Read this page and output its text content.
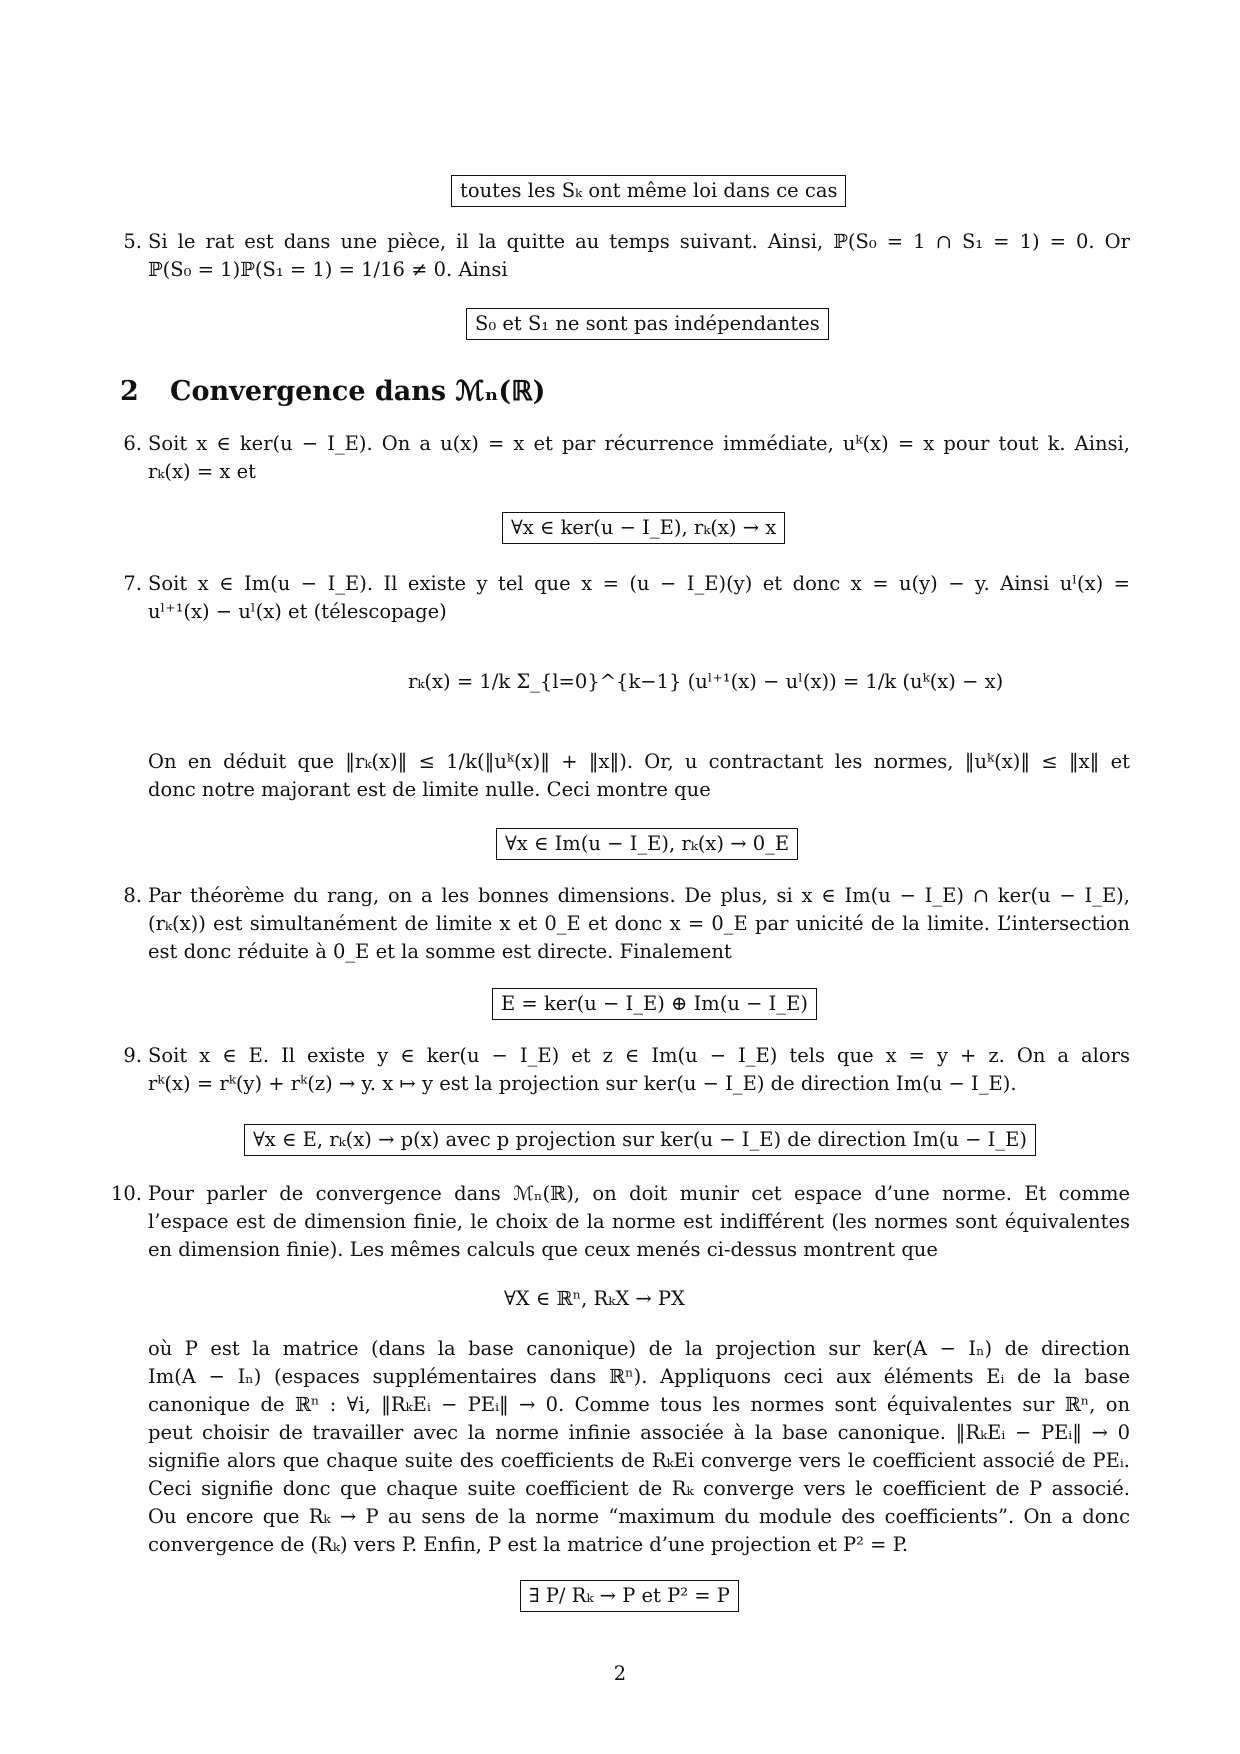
toutes les Sₖ ont même loi dans ce cas
5. Si le rat est dans une pièce, il la quitte au temps suivant. Ainsi, ℙ(S₀ = 1 ∩ S₁ = 1) = 0. Or
ℙ(S₀ = 1)ℙ(S₁ = 1) = 1/16 ≠ 0. Ainsi
S₀ et S₁ ne sont pas indépendantes
2 Convergence dans ℳₙ(ℝ)
6. Soit x ∈ ker(u − I_E). On a u(x) = x et par récurrence immédiate, uᵏ(x) = x pour tout k. Ainsi,
rₖ(x) = x et
∀x ∈ ker(u − I_E), rₖ(x) → x
7. Soit x ∈ Im(u − I_E). Il existe y tel que x = (u − I_E)(y) et donc x = u(y) − y. Ainsi uˡ(x) =
uˡ⁺¹(x) − uˡ(x) et (télescopage)
rₖ(x) = 1/k Σ_{l=0}^{k−1} (uˡ⁺¹(x) − uˡ(x)) = 1/k (uᵏ(x) − x)
On en déduit que ‖rₖ(x)‖ ≤ 1/k(‖uᵏ(x)‖ + ‖x‖). Or, u contractant les normes, ‖uᵏ(x)‖ ≤ ‖x‖ et
donc notre majorant est de limite nulle. Ceci montre que
∀x ∈ Im(u − I_E), rₖ(x) → 0_E
8. Par théorème du rang, on a les bonnes dimensions. De plus, si x ∈ Im(u − I_E) ∩ ker(u − I_E),
(rₖ(x)) est simultanément de limite x et 0_E et donc x = 0_E par unicité de la limite. L’intersection
est donc réduite à 0_E et la somme est directe. Finalement
E = ker(u − I_E) ⊕ Im(u − I_E)
9. Soit x ∈ E. Il existe y ∈ ker(u − I_E) et z ∈ Im(u − I_E) tels que x = y + z. On a alors
rᵏ(x) = rᵏ(y) + rᵏ(z) → y. x ↦ y est la projection sur ker(u − I_E) de direction Im(u − I_E).
∀x ∈ E, rₖ(x) → p(x) avec p projection sur ker(u − I_E) de direction Im(u − I_E)
10. Pour parler de convergence dans ℳₙ(ℝ), on doit munir cet espace d’une norme. Et comme
l’espace est de dimension finie, le choix de la norme est indifférent (les normes sont équivalentes
en dimension finie). Les mêmes calculs que ceux menés ci-dessus montrent que
∀X ∈ ℝⁿ, RₖX → PX
où P est la matrice (dans la base canonique) de la projection sur ker(A − Iₙ) de direction
Im(A − Iₙ) (espaces supplémentaires dans ℝⁿ). Appliquons ceci aux éléments Eᵢ de la base
canonique de ℝⁿ : ∀i, ‖RₖEᵢ − PEᵢ‖ → 0. Comme tous les normes sont équivalentes sur ℝⁿ, on
peut choisir de travailler avec la norme infinie associée à la base canonique. ‖RₖEᵢ − PEᵢ‖ → 0
signifie alors que chaque suite des coefficients de RₖEi converge vers le coefficient associé de PEᵢ.
Ceci signifie donc que chaque suite coefficient de Rₖ converge vers le coefficient de P associé.
Ou encore que Rₖ → P au sens de la norme “maximum du module des coefficients”. On a donc
convergence de (Rₖ) vers P. Enfin, P est la matrice d’une projection et P² = P.
∃ P/ Rₖ → P et P² = P
2
